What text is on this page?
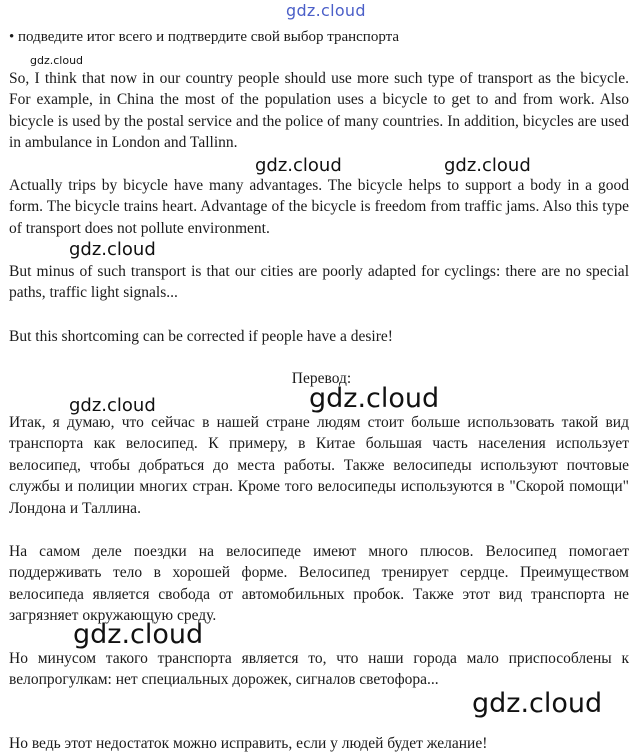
gdz.cloud

• подведите итог всего и подтвердите свой выбор транспорта

gdz.cloud

So, I think that now in our country people should use more such type of transport as the bicycle. For example, in China the most of the population uses a bicycle to get to and from work. Also bicycle is used by the postal service and the police of many countries. In addition, bicycles are used in ambulance in London and Tallinn.

Actually trips by bicycle have many advantages. The bicycle helps to support a body in a good form. The bicycle trains heart. Advantage of the bicycle is freedom from traffic jams. Also this type of transport does not pollute environment.

But minus of such transport is that our cities are poorly adapted for cyclings: there are no special paths, traffic light signals...

But this shortcoming can be corrected if people have a desire!

Перевод:

Итак, я думаю, что сейчас в нашей стране людям стоит больше использовать такой вид транспорта как велосипед. К примеру, в Китае большая часть населения использует велосипед, чтобы добраться до места работы. Также велосипеды используют почтовые службы и полиции многих стран. Кроме того велосипеды используются в "Скорой помощи" Лондона и Таллина.

На самом деле поездки на велосипеде имеют много плюсов. Велосипед помогает поддерживать тело в хорошей форме. Велосипед тренирует сердце. Преимуществом велосипеда является свобода от автомобильных пробок. Также этот вид транспорта не загрязняет окружающую среду.

Но минусом такого транспорта является то, что наши города мало приспособлены к велопрогулкам: нет специальных дорожек, сигналов светофора...

Но ведь этот недостаток можно исправить, если у людей будет желание!

gdz.cloud	gdz.cloud
gdz.cloud
gdz.cloud	gdz.cloud
gdz.cloud
gdz.cloud
